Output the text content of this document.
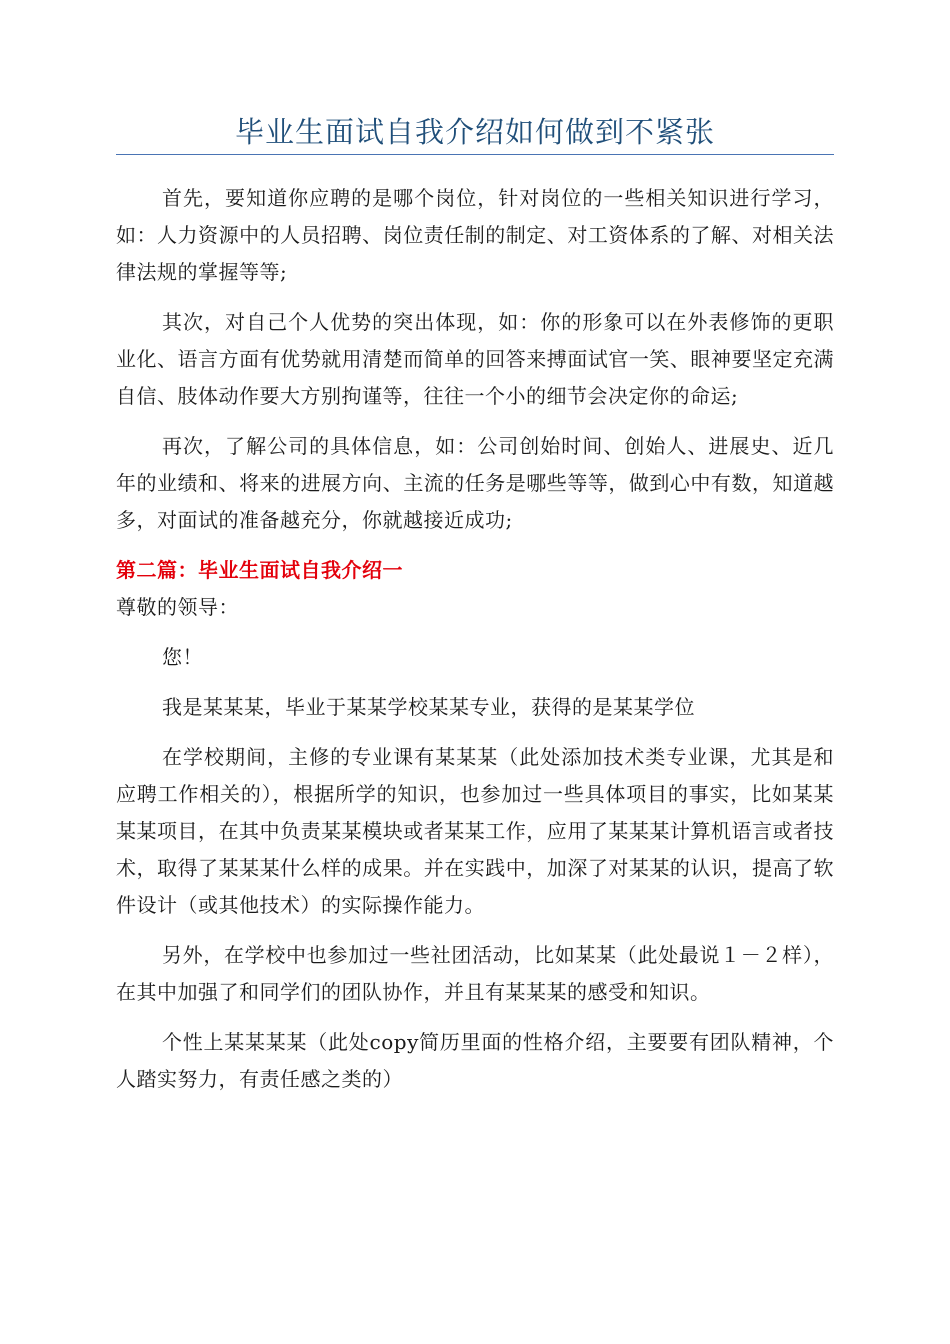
毕业生面试自我介绍如何做到不紧张

首先，要知道你应聘的是哪个岗位，针对岗位的一些相关知识进行学习，如：人力资源中的人员招聘、岗位责任制的制定、对工资体系的了解、对相关法律法规的掌握等等;

其次，对自己个人优势的突出体现，如：你的形象可以在外表修饰的更职业化、语言方面有优势就用清楚而简单的回答来搏面试官一笑、眼神要坚定充满自信、肢体动作要大方别拘谨等，往往一个小的细节会决定你的命运;

再次，了解公司的具体信息，如：公司创始时间、创始人、进展史、近几年的业绩和、将来的进展方向、主流的任务是哪些等等，做到心中有数，知道越多，对面试的准备越充分，你就越接近成功;

第二篇：毕业生面试自我介绍一

尊敬的领导：

您！

我是某某某，毕业于某某学校某某专业，获得的是某某学位

在学校期间，主修的专业课有某某某（此处添加技术类专业课，尤其是和应聘工作相关的），根据所学的知识，也参加过一些具体项目的事实，比如某某某某项目，在其中负责某某模块或者某某工作，应用了某某某计算机语言或者技术，取得了某某某什么样的成果。并在实践中，加深了对某某的认识，提高了软件设计（或其他技术）的实际操作能力。

另外，在学校中也参加过一些社团活动，比如某某（此处最说１－２样），在其中加强了和同学们的团队协作，并且有某某某的感受和知识。

个性上某某某某（此处copy简历里面的性格介绍，主要要有团队精神，个人踏实努力，有责任感之类的）
